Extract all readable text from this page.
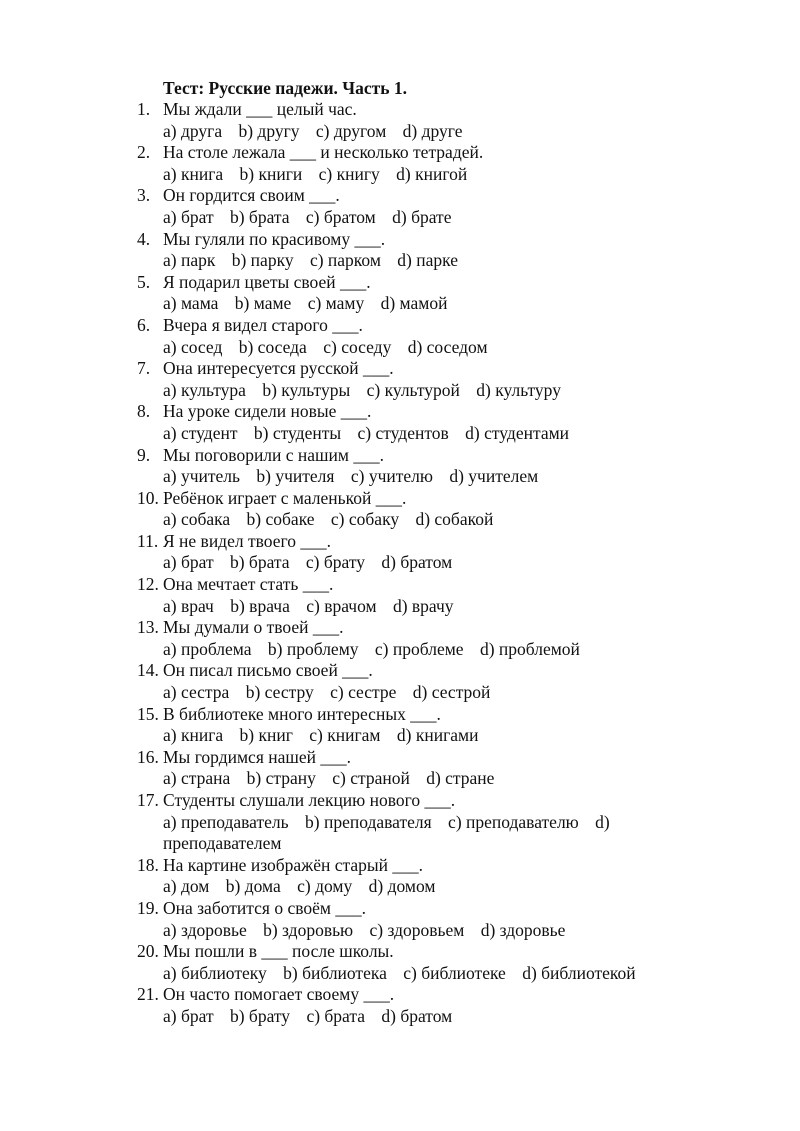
Тест: Русские падежи. Часть 1.
1. Мы ждали ___ целый час.
a) друга b) другу c) другом d) друге
2. На столе лежала ___ и несколько тетрадей.
a) книга b) книги c) книгу d) книгой
3. Он гордится своим ___.
a) брат b) брата c) братом d) брате
4. Мы гуляли по красивому ___.
a) парк b) парку c) парком d) парке
5. Я подарил цветы своей ___.
a) мама b) маме c) маму d) мамой
6. Вчера я видел старого ___.
a) сосед b) соседа c) соседу d) соседом
7. Она интересуется русской ___.
a) культура b) культуры c) культурой d) культуру
8. На уроке сидели новые ___.
a) студент b) студенты c) студентов d) студентами
9. Мы поговорили с нашим ___.
a) учитель b) учителя c) учителю d) учителем
10. Ребёнок играет с маленькой ___.
a) собака b) собаке c) собаку d) собакой
11. Я не видел твоего ___.
a) брат b) брата c) брату d) братом
12. Она мечтает стать ___.
a) врач b) врача c) врачом d) врачу
13. Мы думали о твоей ___.
a) проблема b) проблему c) проблеме d) проблемой
14. Он писал письмо своей ___.
a) сестра b) сестру c) сестре d) сестрой
15. В библиотеке много интересных ___.
a) книга b) книг c) книгам d) книгами
16. Мы гордимся нашей ___.
a) страна b) страну c) страной d) стране
17. Студенты слушали лекцию нового ___.
a) преподаватель b) преподавателя c) преподавателю d) преподавателем
18. На картине изображён старый ___.
a) дом b) дома c) дому d) домом
19. Она заботится о своём ___.
a) здоровье b) здоровью c) здоровьем d) здоровье
20. Мы пошли в ___ после школы.
a) библиотеку b) библиотека c) библиотеке d) библиотекой
21. Он часто помогает своему ___.
a) брат b) брату c) брата d) братом
